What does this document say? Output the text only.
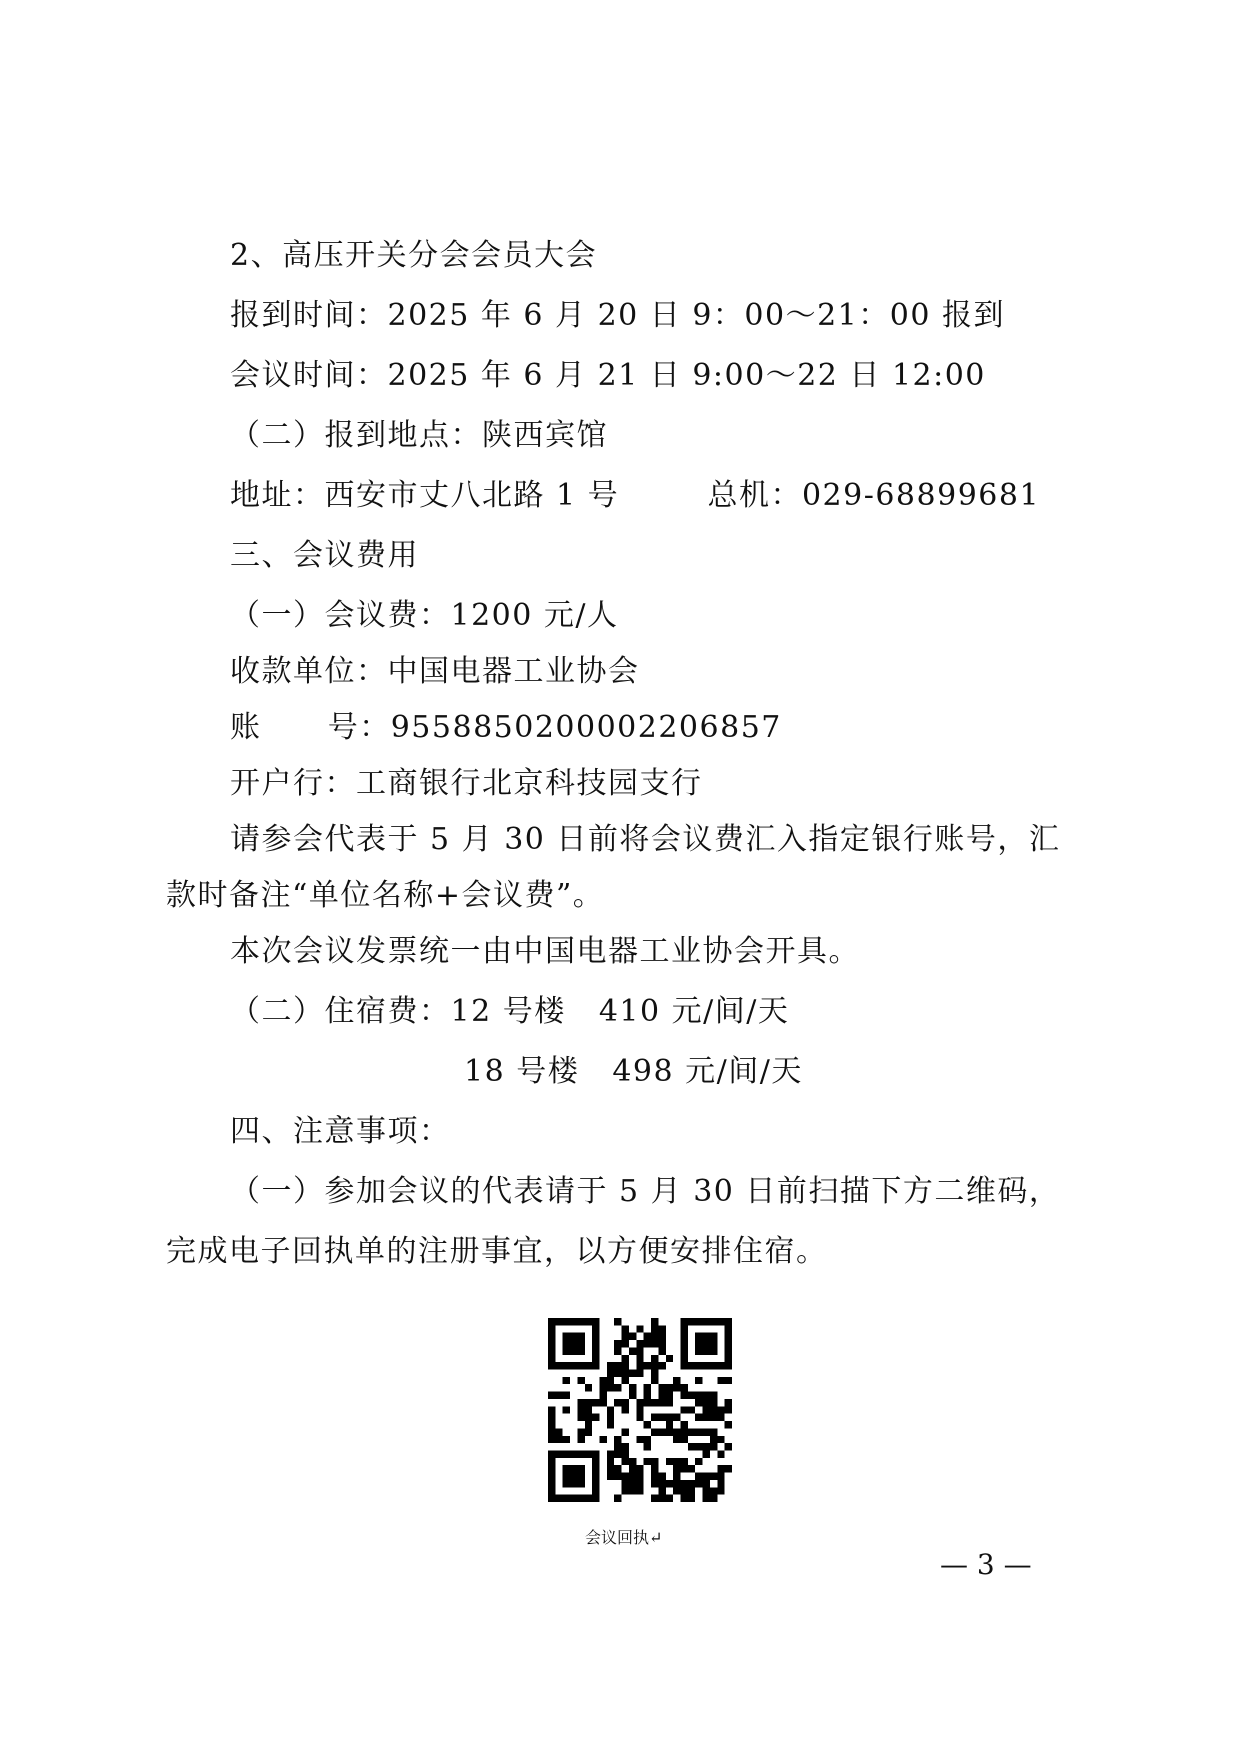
2、高压开关分会会员大会
报到时间：2025 年 6 月 20 日 9：00～21：00 报到
会议时间：2025 年 6 月 21 日 9:00～22 日 12:00
（二）报到地点：陕西宾馆
地址：西安市丈八北路 1 号        总机：029-68899681
三、会议费用
（一）会议费：1200 元/人
收款单位：中国电器工业协会
账      号：9558850200002206857
开户行：工商银行北京科技园支行
请参会代表于 5 月 30 日前将会议费汇入指定银行账号，汇
款时备注“单位名称+会议费”。
本次会议发票统一由中国电器工业协会开具。
（二）住宿费：12 号楼   410 元/间/天
18 号楼   498 元/间/天
四、注意事项：
（一）参加会议的代表请于 5 月 30 日前扫描下方二维码，
完成电子回执单的注册事宜，以方便安排住宿。
会议回执↵
— 3 —
